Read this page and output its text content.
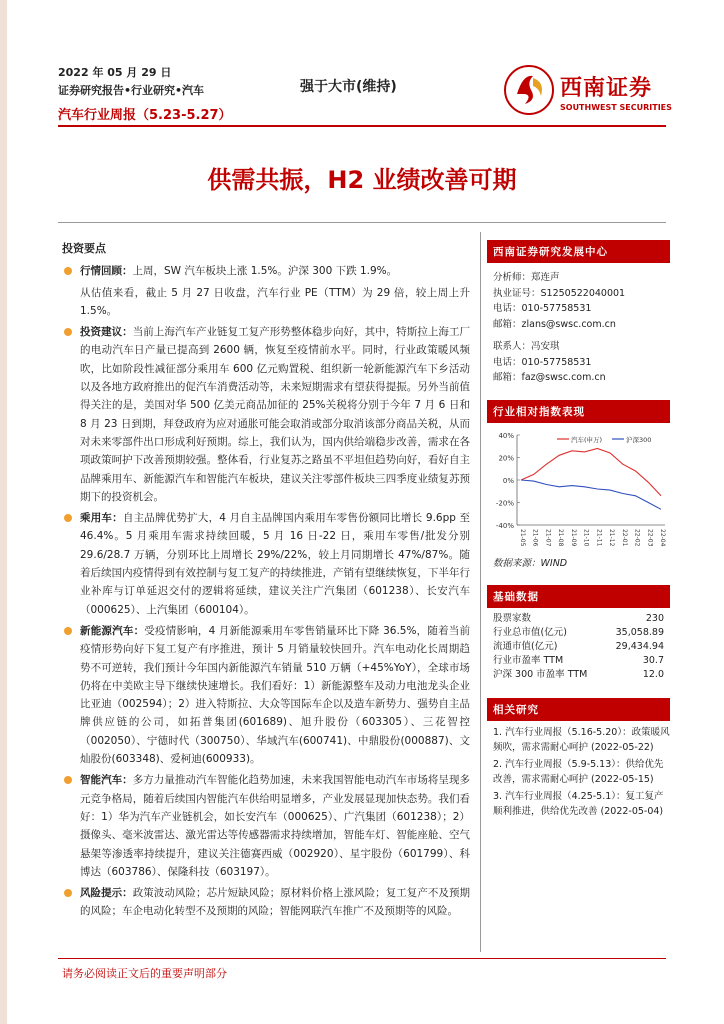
2022 年 05 月 29 日
证券研究报告•行业研究•汽车
汽车行业周报（5.23-5.27）
强于大市(维持)	西南证券
SOUTHWEST SECURITIES
供需共振，H2 业绩改善可期
投资要点
行情回顾：上周，SW 汽车板块上涨 1.5%。沪深 300 下跌 1.9%。
从估值来看，截止 5 月 27 日收盘，汽车行业 PE（TTM）为 29 倍，较上周上升 1.5%。
投资建议：当前上海汽车产业链复工复产形势整体稳步向好，其中，特斯拉上海工厂的电动汽车日产量已提高到 2600 辆，恢复至疫情前水平。同时，行业政策暖风频吹，比如阶段性减征部分乘用车 600 亿元购置税、组织新一轮新能源汽车下乡活动以及各地方政府推出的促汽车消费活动等，未来短期需求有望获得提振。另外当前值得关注的是，美国对华 500 亿美元商品加征的 25%关税将分别于今年 7 月 6 日和 8 月 23 日到期，拜登政府为应对通胀可能会取消或部分取消该部分商品关税，从而对未来零部件出口形成利好预期。综上，我们认为，国内供给端稳步改善，需求在各项政策呵护下改善预期较强。整体看，行业复苏之路虽不平坦但趋势向好，看好自主品牌乘用车、新能源汽车和智能汽车板块，建议关注零部件板块三四季度业绩复苏预期下的投资机会。
乘用车：自主品牌优势扩大，4 月自主品牌国内乘用车零售份额同比增长 9.6pp 至 46.4%。5 月乘用车需求持续回暖，5 月 16 日-22 日，乘用车零售/批发分别 29.6/28.7 万辆，分别环比上周增长 29%/22%，较上月同期增长 47%/87%。随着后续国内疫情得到有效控制与复工复产的持续推进，产销有望继续恢复，下半年行业补库与订单延迟交付的逻辑将延续，建议关注广汽集团（601238）、长安汽车（000625）、上汽集团（600104）。
新能源汽车：受疫情影响，4 月新能源乘用车零售销量环比下降 36.5%，随着当前疫情形势向好下复工复产有序推进，预计 5 月销量较快回升。汽车电动化长周期趋势不可逆转，我们预计今年国内新能源汽车销量 510 万辆（+45%YoY），全球市场仍将在中美欧主导下继续快速增长。我们看好：1）新能源整车及动力电池龙头企业比亚迪（002594）；2）进入特斯拉、大众等国际车企以及造车新势力、强势自主品牌供应链的公司，如拓普集团(601689)、旭升股份（603305）、三花智控（002050）、宁德时代（300750）、华域汽车(600741)、中鼎股份(000887)、文灿股份(603348)、爱柯迪(600933)。
智能汽车：多方力量推动汽车智能化趋势加速，未来我国智能电动汽车市场将呈现多元竞争格局，随着后续国内智能汽车供给明显增多，产业发展显现加快态势。我们看好：1）华为汽车产业链机会，如长安汽车（000625）、广汽集团（601238）；2）摄像头、毫米波雷达、激光雷达等传感器需求持续增加，智能车灯、智能座舱、空气悬架等渗透率持续提升，建议关注德赛西威（002920）、星宇股份（601799）、科博达（603786）、保隆科技（603197）。
风险提示：政策波动风险；芯片短缺风险；原材料价格上涨风险；复工复产不及预期的风险；车企电动化转型不及预期的风险；智能网联汽车推广不及预期等的风险。
西南证券研究发展中心
分析师：郑连声
执业证号：S1250522040001
电话：010-57758531
邮箱：zlans@swsc.com.cn
联系人：冯安琪
电话：010-57758531
邮箱：faz@swsc.com.cn
行业相对指数表现
40%
20%
0%
-20%
-40%
21-05 21-06 21-07 21-08 21-09 21-10 21-11 21-12 22-01 22-02 22-03 22-04
汽车(申万)	沪深300
数据来源：WIND
基础数据
股票家数	230
行业总市值(亿元)	35,058.89
流通市值(亿元)	29,434.94
行业市盈率 TTM	30.7
沪深 300 市盈率 TTM	12.0
相关研究
1. 汽车行业周报（5.16-5.20）：政策暖风频吹，需求需耐心呵护 (2022-05-22)
2. 汽车行业周报（5.9-5.13）：供给优先改善，需求需耐心呵护 (2022-05-15)
3. 汽车行业周报（4.25-5.1）：复工复产顺利推进，供给优先改善 (2022-05-04)
请务必阅读正文后的重要声明部分
